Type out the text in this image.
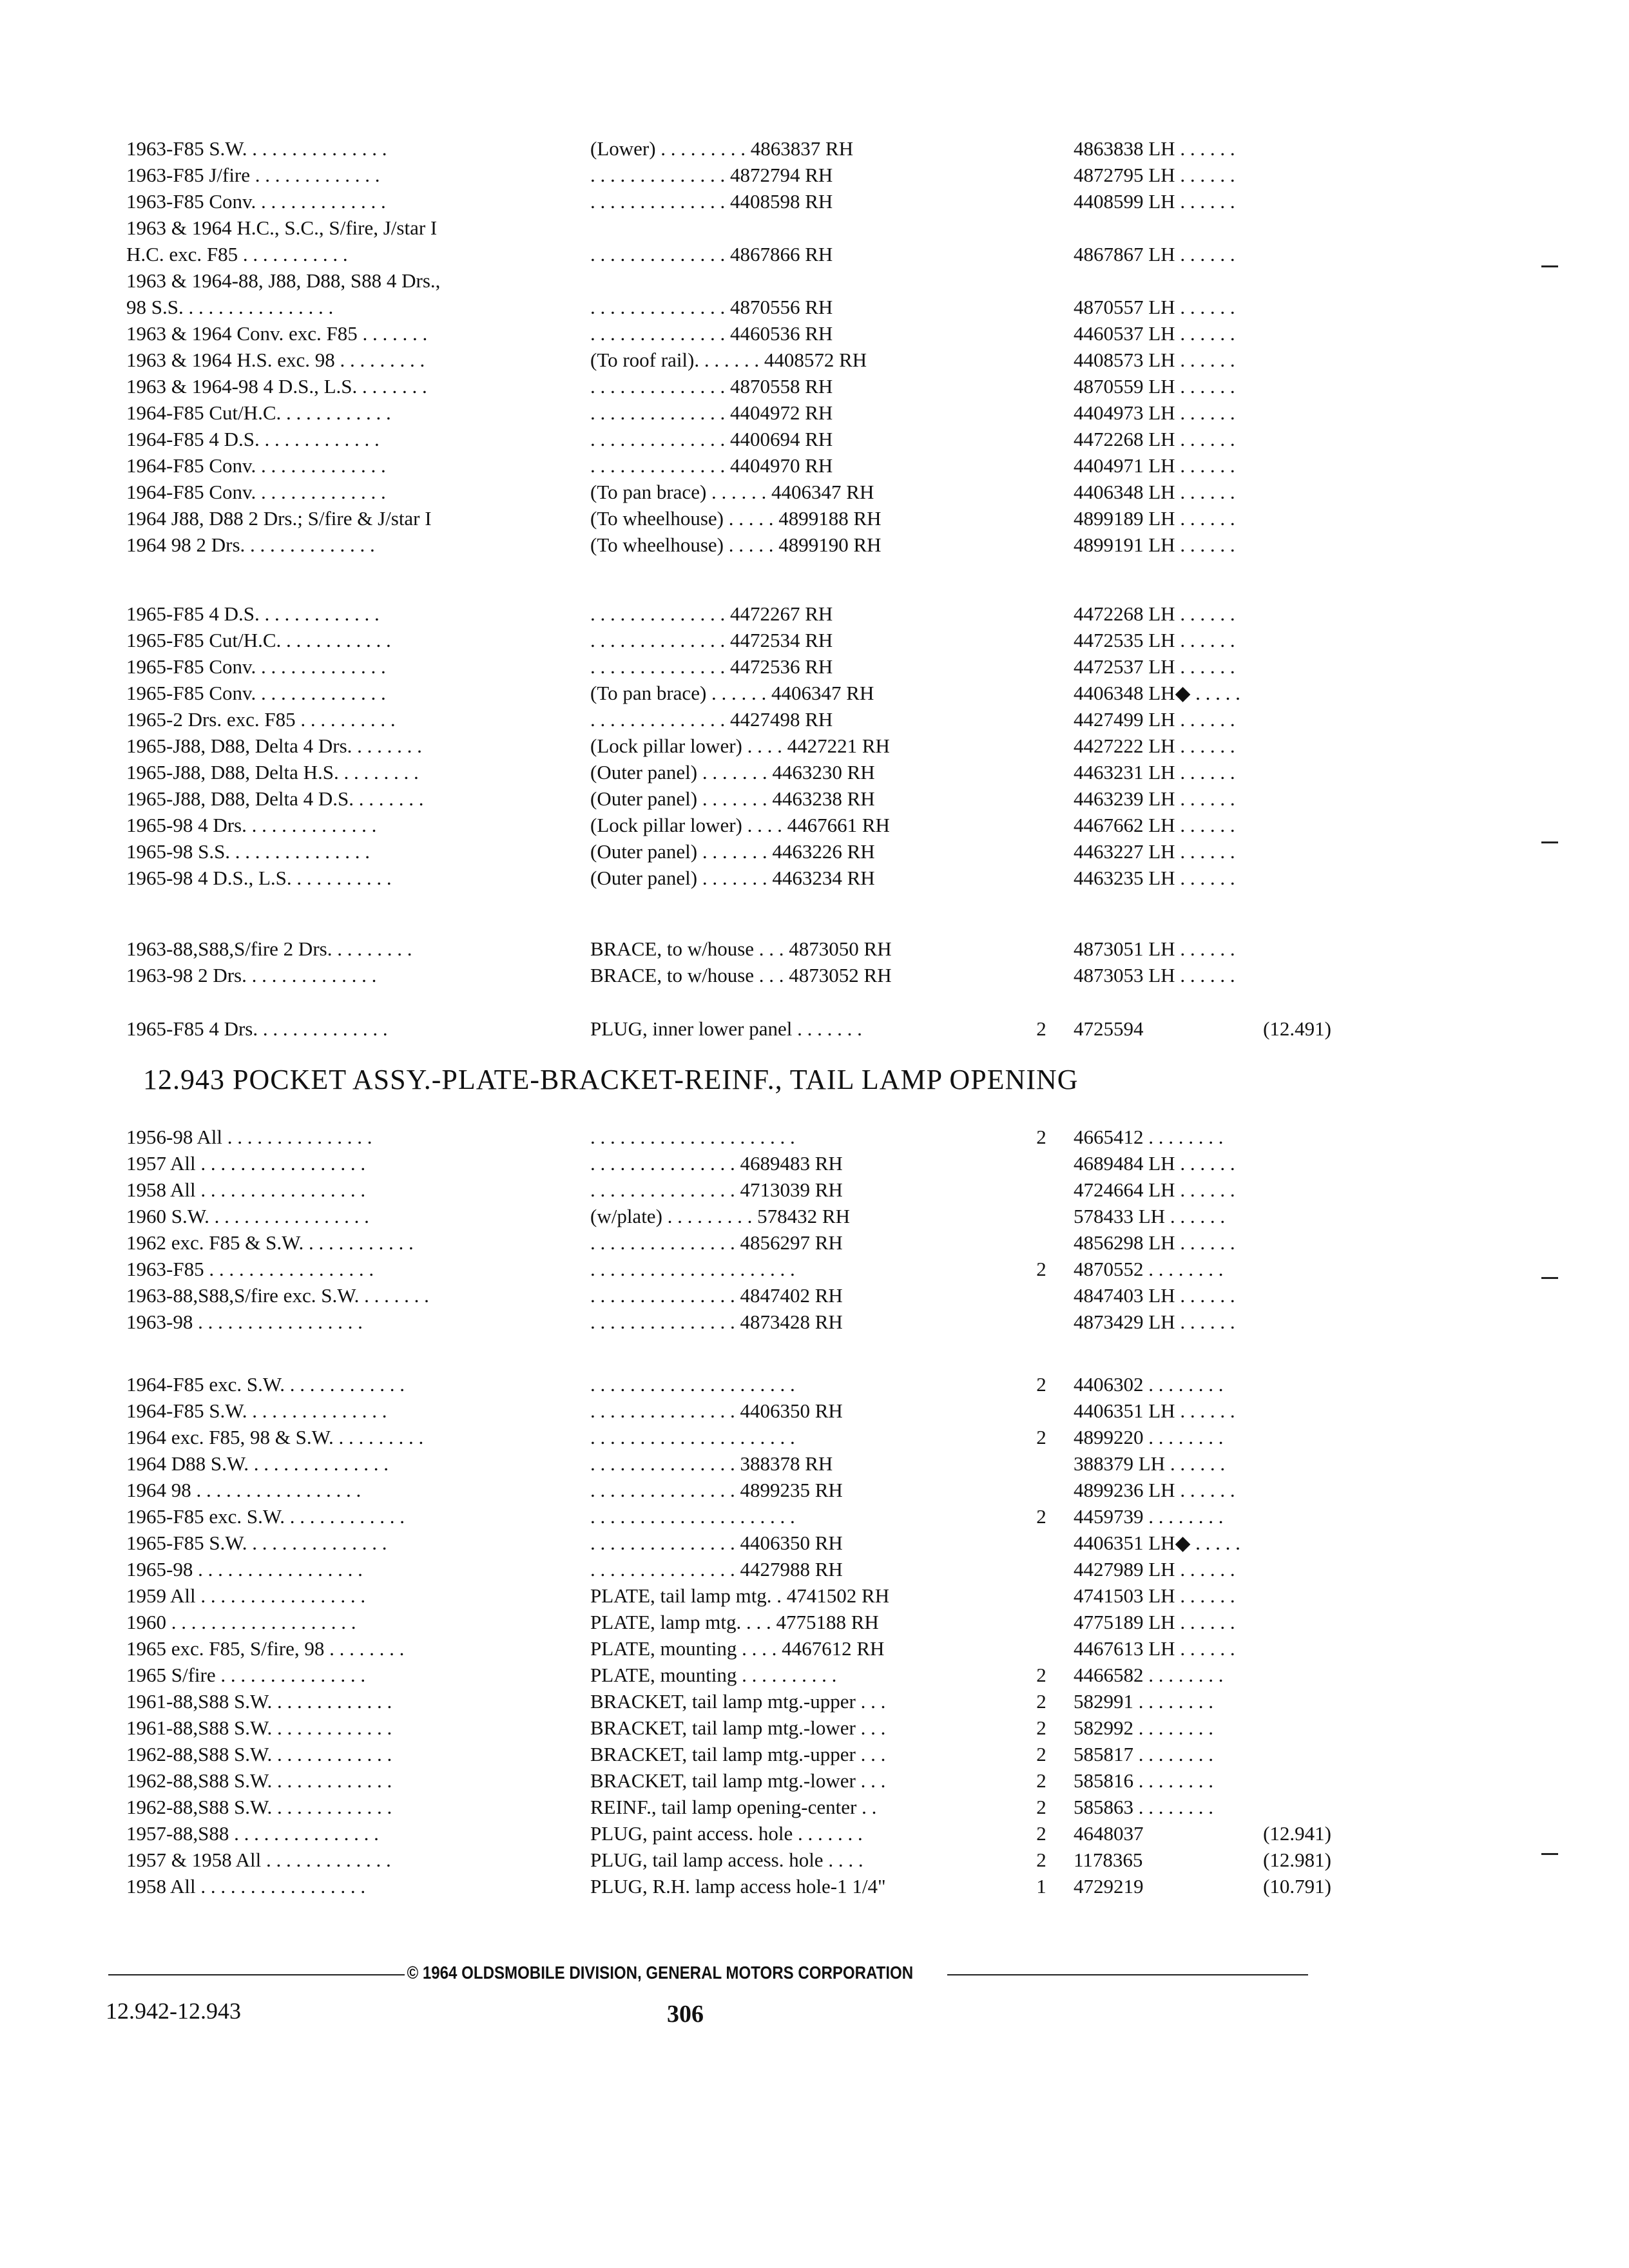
1963-F85 S.W. . . . . . . . . . . . . . .	(Lower) . . . . . . . . . 4863837 RH	4863838 LH . . . . . .
1963-F85 J/fire . . . . . . . . . . . . .	. . . . . . . . . . . . . . 4872794 RH	4872795 LH . . . . . .
1963-F85 Conv. . . . . . . . . . . . . .	. . . . . . . . . . . . . . 4408598 RH	4408599 LH . . . . . .
1963 & 1964 H.C., S.C., S/fire, J/star I
H.C. exc. F85 . . . . . . . . . . .	. . . . . . . . . . . . . . 4867866 RH	4867867 LH . . . . . .
1963 & 1964-88, J88, D88, S88 4 Drs.,
98 S.S. . . . . . . . . . . . . . . .	. . . . . . . . . . . . . . 4870556 RH	4870557 LH . . . . . .
1963 & 1964 Conv. exc. F85 . . . . . . .	. . . . . . . . . . . . . . 4460536 RH	4460537 LH . . . . . .
1963 & 1964 H.S. exc. 98 . . . . . . . . .	(To roof rail). . . . . . . 4408572 RH	4408573 LH . . . . . .
1963 & 1964-98 4 D.S., L.S. . . . . . . .	. . . . . . . . . . . . . . 4870558 RH	4870559 LH . . . . . .
1964-F85 Cut/H.C. . . . . . . . . . . .	. . . . . . . . . . . . . . 4404972 RH	4404973 LH . . . . . .
1964-F85 4 D.S. . . . . . . . . . . . .	. . . . . . . . . . . . . . 4400694 RH	4472268 LH . . . . . .
1964-F85 Conv. . . . . . . . . . . . . .	. . . . . . . . . . . . . . 4404970 RH	4404971 LH . . . . . .
1964-F85 Conv. . . . . . . . . . . . . .	(To pan brace) . . . . . . 4406347 RH	4406348 LH . . . . . .
1964 J88, D88 2 Drs.; S/fire & J/star I	(To wheelhouse) . . . . . 4899188 RH	4899189 LH . . . . . .
1964 98 2 Drs. . . . . . . . . . . . . .	(To wheelhouse) . . . . . 4899190 RH	4899191 LH . . . . . .
1965-F85 4 D.S. . . . . . . . . . . . .	. . . . . . . . . . . . . . 4472267 RH	4472268 LH . . . . . .
1965-F85 Cut/H.C. . . . . . . . . . . .	. . . . . . . . . . . . . . 4472534 RH	4472535 LH . . . . . .
1965-F85 Conv. . . . . . . . . . . . . .	. . . . . . . . . . . . . . 4472536 RH	4472537 LH . . . . . .
1965-F85 Conv. . . . . . . . . . . . . .	(To pan brace) . . . . . . 4406347 RH	4406348 LH◆ . . . . .
1965-2 Drs. exc. F85 . . . . . . . . . .	. . . . . . . . . . . . . . 4427498 RH	4427499 LH . . . . . .
1965-J88, D88, Delta 4 Drs. . . . . . . .	(Lock pillar lower) . . . . 4427221 RH	4427222 LH . . . . . .
1965-J88, D88, Delta H.S. . . . . . . . .	(Outer panel) . . . . . . . 4463230 RH	4463231 LH . . . . . .
1965-J88, D88, Delta 4 D.S. . . . . . . .	(Outer panel) . . . . . . . 4463238 RH	4463239 LH . . . . . .
1965-98 4 Drs. . . . . . . . . . . . . .	(Lock pillar lower) . . . . 4467661 RH	4467662 LH . . . . . .
1965-98 S.S. . . . . . . . . . . . . . .	(Outer panel) . . . . . . . 4463226 RH	4463227 LH . . . . . .
1965-98 4 D.S., L.S. . . . . . . . . . .	(Outer panel) . . . . . . . 4463234 RH	4463235 LH . . . . . .
1963-88,S88,S/fire 2 Drs. . . . . . . . .	BRACE, to w/house . . . 4873050 RH	4873051 LH . . . . . .
1963-98 2 Drs. . . . . . . . . . . . . .	BRACE, to w/house . . . 4873052 RH	4873053 LH . . . . . .
1965-F85 4 Drs. . . . . . . . . . . . . .	PLUG, inner lower panel . . . . . . .	2	4725594	(12.491)
12.943 POCKET ASSY.-PLATE-BRACKET-REINF., TAIL LAMP OPENING
1956-98 All . . . . . . . . . . . . . . .	. . . . . . . . . . . . . . . . . . . . .	2	4665412 . . . . . . . .
1957 All . . . . . . . . . . . . . . . . .	. . . . . . . . . . . . . . . 4689483 RH	4689484 LH . . . . . .
1958 All . . . . . . . . . . . . . . . . .	. . . . . . . . . . . . . . . 4713039 RH	4724664 LH . . . . . .
1960 S.W. . . . . . . . . . . . . . . . .	(w/plate) . . . . . . . . . 578432 RH	578433 LH . . . . . .
1962 exc. F85 & S.W. . . . . . . . . . . .	. . . . . . . . . . . . . . . 4856297 RH	4856298 LH . . . . . .
1963-F85 . . . . . . . . . . . . . . . . .	. . . . . . . . . . . . . . . . . . . . .	2	4870552 . . . . . . . .
1963-88,S88,S/fire exc. S.W. . . . . . . .	. . . . . . . . . . . . . . . 4847402 RH	4847403 LH . . . . . .
1963-98 . . . . . . . . . . . . . . . . .	. . . . . . . . . . . . . . . 4873428 RH	4873429 LH . . . . . .
1964-F85 exc. S.W. . . . . . . . . . . . .	. . . . . . . . . . . . . . . . . . . . .	2	4406302 . . . . . . . .
1964-F85 S.W. . . . . . . . . . . . . . .	. . . . . . . . . . . . . . . 4406350 RH	4406351 LH . . . . . .
1964 exc. F85, 98 & S.W. . . . . . . . . .	. . . . . . . . . . . . . . . . . . . . .	2	4899220 . . . . . . . .
1964 D88 S.W. . . . . . . . . . . . . . .	. . . . . . . . . . . . . . . 388378 RH	388379 LH . . . . . .
1964 98 . . . . . . . . . . . . . . . . .	. . . . . . . . . . . . . . . 4899235 RH	4899236 LH . . . . . .
1965-F85 exc. S.W. . . . . . . . . . . . .	. . . . . . . . . . . . . . . . . . . . .	2	4459739 . . . . . . . .
1965-F85 S.W. . . . . . . . . . . . . . .	. . . . . . . . . . . . . . . 4406350 RH	4406351 LH◆ . . . . .
1965-98 . . . . . . . . . . . . . . . . .	. . . . . . . . . . . . . . . 4427988 RH	4427989 LH . . . . . .
1959 All . . . . . . . . . . . . . . . . .	PLATE, tail lamp mtg. . 4741502 RH	4741503 LH . . . . . .
1960 . . . . . . . . . . . . . . . . . . .	PLATE, lamp mtg. . . . 4775188 RH	4775189 LH . . . . . .
1965 exc. F85, S/fire, 98 . . . . . . . .	PLATE, mounting . . . . 4467612 RH	4467613 LH . . . . . .
1965 S/fire . . . . . . . . . . . . . . .	PLATE, mounting . . . . . . . . . .	2	4466582 . . . . . . . .
1961-88,S88 S.W. . . . . . . . . . . . .	BRACKET, tail lamp mtg.-upper . . .	2	582991 . . . . . . . .
1961-88,S88 S.W. . . . . . . . . . . . .	BRACKET, tail lamp mtg.-lower . . .	2	582992 . . . . . . . .
1962-88,S88 S.W. . . . . . . . . . . . .	BRACKET, tail lamp mtg.-upper . . .	2	585817 . . . . . . . .
1962-88,S88 S.W. . . . . . . . . . . . .	BRACKET, tail lamp mtg.-lower . . .	2	585816 . . . . . . . .
1962-88,S88 S.W. . . . . . . . . . . . .	REINF., tail lamp opening-center . .	2	585863 . . . . . . . .
1957-88,S88 . . . . . . . . . . . . . . .	PLUG, paint access. hole . . . . . . .	2	4648037	(12.941)
1957 & 1958 All . . . . . . . . . . . . .	PLUG, tail lamp access. hole . . . .	2	1178365	(12.981)
1958 All . . . . . . . . . . . . . . . . .	PLUG, R.H. lamp access hole-1 1/4"	1	4729219	(10.791)
© 1964 OLDSMOBILE DIVISION, GENERAL MOTORS CORPORATION
12.942-12.943	306
